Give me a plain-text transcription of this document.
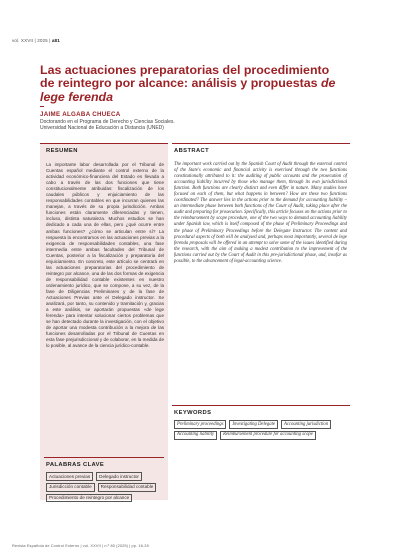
vol. XXVII | 2025 | a81
Las actuaciones preparatorias del procedimiento de reintegro por alcance: análisis y propuestas de lege ferenda
JAIME ALGABA CHUECA

Doctorando en el Programa de Derecho y Ciencias Sociales.
Universidad Nacional de Educación a Distancia (UNED)

RESUMEN

La importante labor desarrollada por el Tribunal de Cuentas español mediante el control externo de la actividad económico-financiera del Estado es llevada a cabo a través de las dos funciones que tiene constitucionalmente atribuidas: fiscalización de los caudales públicos y enjuiciamiento de las responsabilidades contables en que incurran quienes las manejan, a través de su propia jurisdicción. Ambas funciones están claramente diferenciadas y tienen, incluso, distinta naturaleza. Muchos estudios se han dedicado a cada una de ellas, pero ¿qué ocurre entre ambas funciones? ¿cómo se articulan entre sí? La respuesta la encontramos en las actuaciones previas a la exigencia de responsabilidades contables, una fase intermedia entre ambas facultades del Tribunal de Cuentas, posterior a la fiscalización y preparatoria del enjuiciamiento. En concreto, este artículo se centrará en las actuaciones preparatorias del procedimiento de reintegro por alcance, una de las dos formas de exigencia de responsabilidad contable existentes en nuestro ordenamiento jurídico, que se compone, a su vez, de la fase de Diligencias Preliminares y de la fase de Actuaciones Previas ante el Delegado instructor. Se analizará, por tanto, su contenido y tramitación y, gracias a este análisis, se aportarán propuestas «de lege ferenda» para intentar solucionar ciertos problemas que se han detectado durante la investigación, con el objetivo de aportar una modesta contribución a la mejora de las funciones desarrolladas por el Tribunal de Cuentas en esta fase prejurisdiccional y de colaborar, en la medida de lo posible, al avance de la ciencia jurídico-contable.

PALABRAS CLAVE
Actuaciones previas	Delegado instructor
Jurisdicción contable	Responsabilidad contable
Procedimiento de reintegro por alcance
ABSTRACT

The important work carried out by the Spanish Court of Audit through the external control of the State's economic and financial activity is exercised through the two functions constitutionally attributed to it: the auditing of public accounts and the prosecution of accounting liability incurred by those who manage them, through its own jurisdictional function. Both functions are clearly distinct and even differ in nature. Many studies have focused on each of them, but what happens in between? How are these two functions coordinated? The answer lies in the actions prior to the demand for accounting liability – an intermediate phase between both functions of the Court of Audit, taking place after the audit and preparing for prosecution. Specifically, this article focuses on the actions prior to the reimbursement by scope procedure, one of the two ways to demand accounting liability under Spanish law, which is itself composed of the phase of Preliminary Proceedings and the phase of Preliminary Proceedings before the Delegate Instructor. The content and procedural aspects of both will be analysed and, perhaps most importantly, several de lege ferenda proposals will be offered in an attempt to solve some of the issues identified during the research, with the aim of making a modest contribution to the improvement of the functions carried out by the Court of Audit in this pre-jurisdictional phase, and, insofar as possible, to the advancement of legal-accounting science.

KEYWORDS
Preliminary proceedings	Investigating Delegate	Accounting jurisdiction
Accounting liability	Reimbursement procedure for accounting scope
Revista Española de Control Externo | vol. XXVII | n.º 80 (2025) | pp. 16-39
